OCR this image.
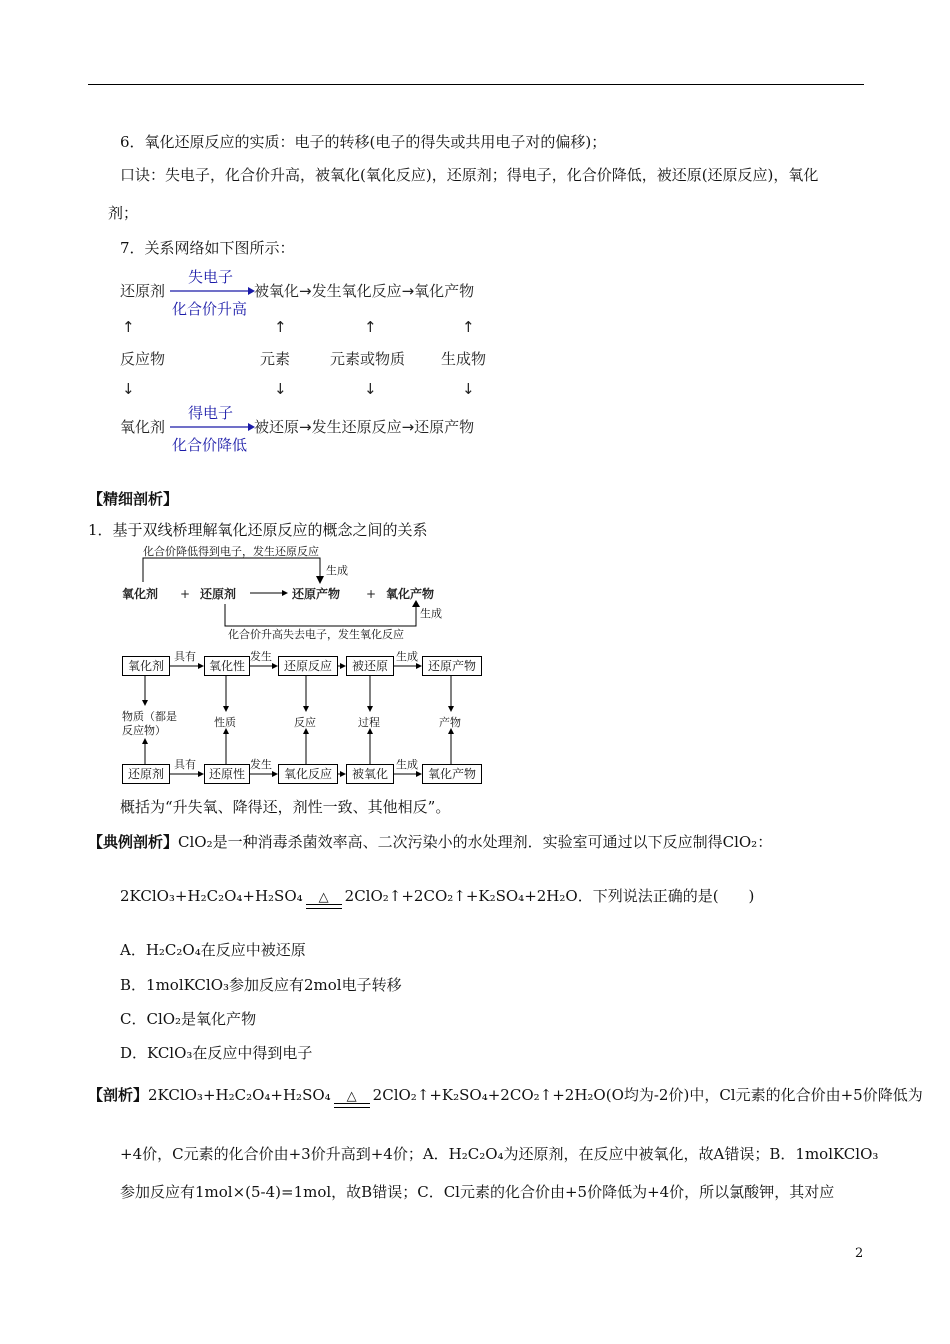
6．氧化还原反应的实质：电子的转移(电子的得失或共用电子对的偏移)；
口诀：失电子，化合价升高，被氧化(氧化反应)，还原剂；得电子，化合价降低，被还原(还原反应)，氧化
剂；
7．关系网络如下图所示：
还原剂
失电子
化合价升高
被氧化→发生氧化反应→氧化产物
↑	↑	↑	↑
反应物	元素	元素或物质 生成物
↓	↓	↓	↓
氧化剂
得电子
化合价降低
被还原→发生还原反应→还原产物
【精细剖析】
1．基于双线桥理解氧化还原反应的概念之间的关系
化合价降低得到电子，发生还原反应
生成
氧化剂 + 还原剂	还原产物 + 氧化产物
生成
化合价升高失去电子，发生氧化反应
氧化剂	氧化性	还原反应	被还原	还原产物
具有	发生	生成
物质（都是
反应物）
性质	反应	过程	产物
还原剂	还原性	氧化反应	被氧化	氧化产物
具有	发生	生成
概括为“升失氧、降得还，剂性一致、其他相反”。
【典例剖析】ClO₂是一种消毒杀菌效率高、二次污染小的水处理剂．实验室可通过以下反应制得ClO₂：
2KClO₃+H₂C₂O₄+H₂SO₄ △ 2ClO₂↑+2CO₂↑+K₂SO₄+2H₂O．下列说法正确的是(　　)
A．H₂C₂O₄在反应中被还原
B．1molKClO₃参加反应有2mol电子转移
C．ClO₂是氧化产物
D．KClO₃在反应中得到电子
【剖析】2KClO₃+H₂C₂O₄+H₂SO₄ △ 2ClO₂↑+K₂SO₄+2CO₂↑+2H₂O(O均为-2价)中，Cl元素的化合价由+5价降低为
+4价，C元素的化合价由+3价升高到+4价；A．H₂C₂O₄为还原剂，在反应中被氧化，故A错误；B．1molKClO₃
参加反应有1mol×(5-4)=1mol，故B错误；C．Cl元素的化合价由+5价降低为+4价，所以氯酸钾，其对应
2
